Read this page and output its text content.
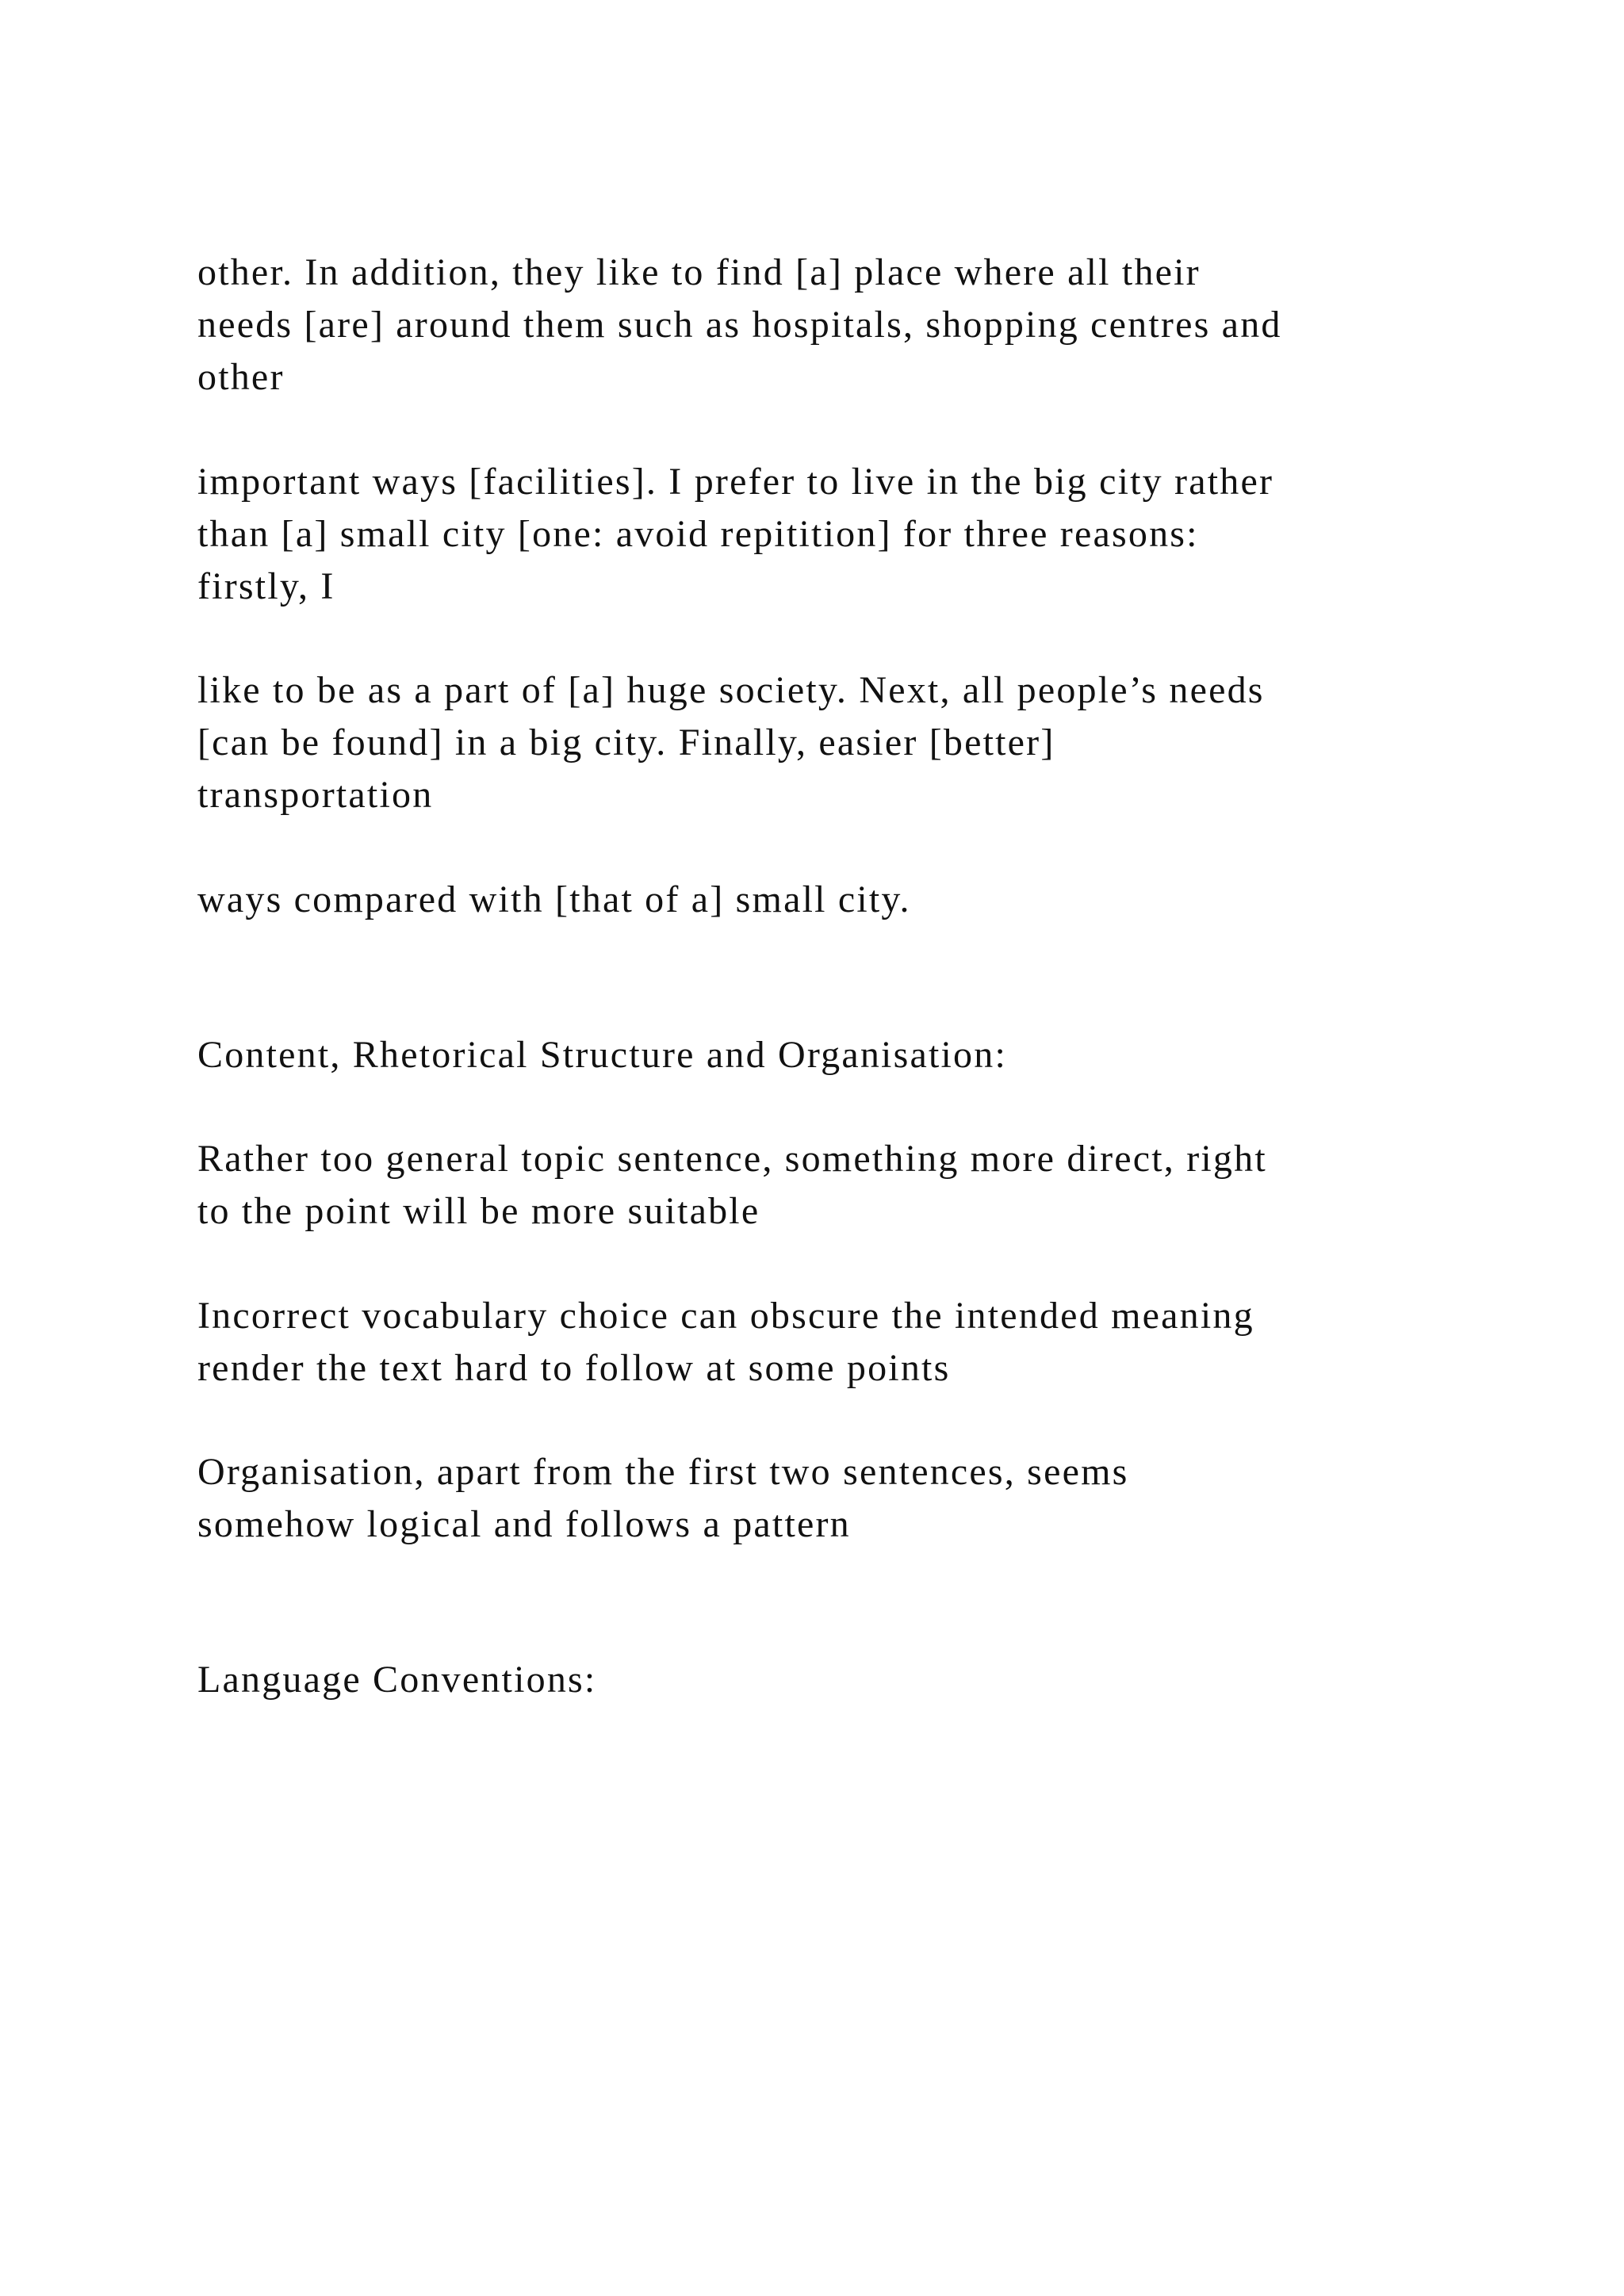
other. In addition, they like to find [a] place where all their

needs [are] around them such as hospitals, shopping centres and

other

important ways [facilities]. I prefer to live in the big city rather

than [a] small city [one: avoid repitition] for three reasons:

firstly, I

like to be as a part of [a] huge society. Next, all people’s needs

[can be found] in a big city. Finally, easier [better]

transportation

ways compared with [that of a] small city.

Content, Rhetorical Structure and Organisation:

Rather too general topic sentence, something more direct, right

to the point will be more suitable

Incorrect vocabulary choice can obscure the intended meaning

render the text hard to follow at some points

Organisation, apart from the first two sentences, seems

somehow logical and follows a pattern

Language Conventions:
